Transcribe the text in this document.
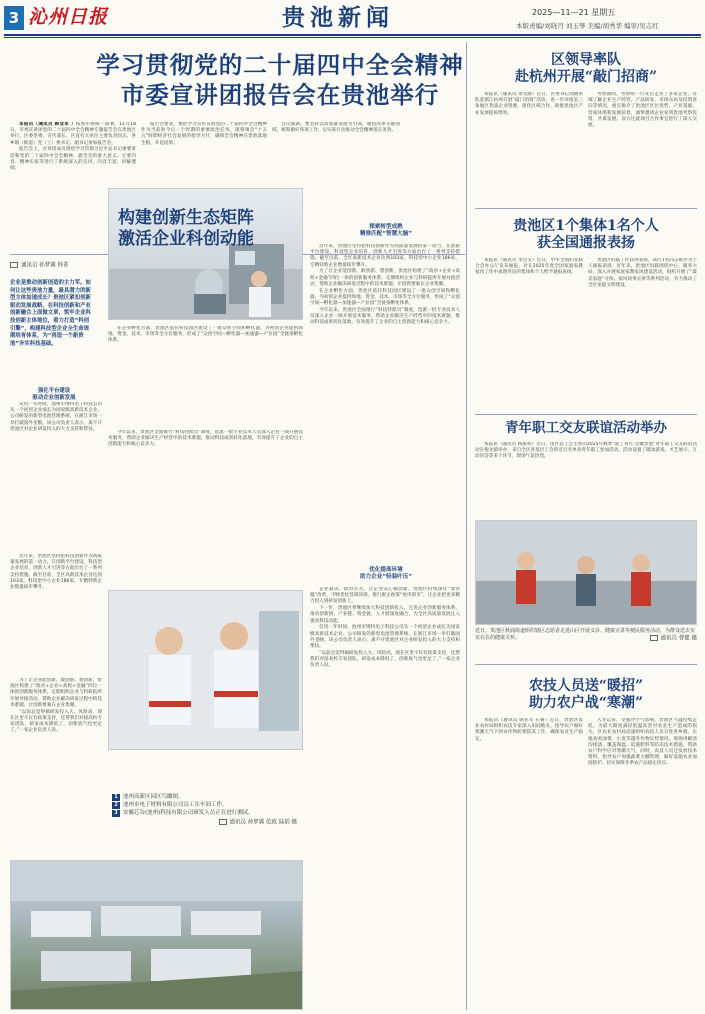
3 沁州日报	贵池新闻	2025—11—21 星期五
本版责编/刘晓丹 刘玉琴 美编/胡秀华 编审/吴志红
学习贯彻党的二十届四中全会精神
市委宣讲团报告会在贵池举行

本报讯（通讯员 韩亚军 ）按照市委统一部署，11月18日，市委宣讲团党的二十届四中全会精神专题报告会在贵池区举行，区委常委、宣传部长、区直有关单位主要负责同志，各乡镇（街道）党（工）委书记、副书记参加报告会。

报告会上，宣讲团成员围绕学习贯彻习近平总书记重要讲话和党的二十届四中全会精神，就全会的重大意义、主要内容、精神实质等进行了系统深入的宣讲，内容丰富，讲解透彻。

报告会要求，要把学习宣传贯彻党的二十届四中全会精神作为当前和今后一个时期的重要政治任务，深刻领会“十五五”时期经济社会发展的指导方针，确保全会精神在贵池落地生根、开花结果。

会议强调，要坚持以高质量发展为引领，聚焦改革关键领域，统筹做好各项工作，以实际行动推动全会精神落实见效。

通讯员 孙梦翼 韩菁
企业是推动创新创造的主力军。如何让这些贵池力量，最具潜力的新型主体加速成长？贵池区紧扣创新驱动发展战略，在科技创新和产业创新融合上面做文章，筑牢企业科技创新主体地位，着力打造“科创引擎”，构建科技型企业全生命周期培育体系，为“再造一个新贵池”夯实科技基础。
强化平台建设
驱动企业创新发展

仅用一年时间，池州市博特电子科技公司从一个初创企业成长为国家级高新技术企业。公司研发的新型电池管理系统，在浙江市场一举打破国外垄断。该公司负责人表示，离不开贵池区对企业研发投入的大力支持和帮扶。

近年来，贵池区坚持把科技创新作为高质量发展的第一动力，在创新平台建设、科技型企业培育、创新人才引进等方面出台了一系列支持措施。截至目前，全区高新技术企业达到103家，科技型中小企业186家，专精特新企业数量稳步攀升。

为了让企业能创新、敢创新、想创新，贵池区构建了“政府+企业+高校+金融”四位一体的创新服务体系，定期组织企业与科研院所开展对接活动，帮助企业解决研发过程中的技术难题，让创新要素在企业集聚。

“以前总觉得搞研发投入大、风险高，现在区里不仅有政策支持，还帮我们对接高校专家团队，研发成本降低了，创新底气也更足了。”一家企业负责人说。

构建创新生态矩阵
激活企业科创动能

在企业孵化方面，贵池区依托科技园区建设了一批众创空间和孵化器，为初创企业提供场地、资金、技术、市场等全方位服务，形成了“众创空间—孵化器—加速器—产业园”全链条孵化体系。

今年以来，贵池区全面推行“科技特派员”制度，选派一批专业技术人员深入企业一线开展技术服务，帮助企业解决生产经营中的技术难题，推动科技成果转化落地，有效提升了企业的自主创新能力和核心竞争力。

1 池州高新区园区鸟瞰图。
2 池州市电子材料有限公司员工在车间工作。
3 安徽芯谷(池州)科技有限公司研发人员正在进行测试。
通讯员 孙梦翼 范政 陆娟 摄
探索转型成熟
精准匹配“智慧大脑”

近年来，贵池区坚持把科技创新作为高质量发展的第一动力，在创新平台建设、科技型企业培育、创新人才引进等方面出台了一系列支持措施。截至目前，全区高新技术企业达到103家，科技型中小企业186家，专精特新企业数量稳步攀升。

为了让企业能创新、敢创新、想创新，贵池区构建了“政府+企业+高校+金融”四位一体的创新服务体系，定期组织企业与科研院所开展对接活动，帮助企业解决研发过程中的技术难题，让创新要素在企业集聚。

在企业孵化方面，贵池区依托科技园区建设了一批众创空间和孵化器，为初创企业提供场地、资金、技术、市场等全方位服务，形成了“众创空间—孵化器—加速器—产业园”全链条孵化体系。

今年以来，贵池区全面推行“科技特派员”制度，选派一批专业技术人员深入企业一线开展技术服务，帮助企业解决生产经营中的技术难题，推动科技成果转化落地，有效提升了企业的自主创新能力和核心竞争力。

优化提高环境
助力企业“轻装叶压”

企业减负、政府有为，让企业安心搞创新。贵池区持续深化“放管服”改革，不断优化营商环境，推行惠企政策“免申即享”，让企业把更多精力投入到研发创新上。

下一步，贵池区将继续加大科技创新投入，完善企业创新服务体系，推动创新链、产业链、资金链、人才链深度融合，为全区高质量发展注入强劲科技动能。

仅用一年时间，池州市博特电子科技公司从一个初创企业成长为国家级高新技术企业。公司研发的新型电池管理系统，在浙江市场一举打破国外垄断。该公司负责人表示，离不开贵池区对企业研发投入的大力支持和帮扶。

“以前总觉得搞研发投入大、风险高，现在区里不仅有政策支持，还帮我们对接高校专家团队，研发成本降低了，创新底气也更足了。”一家企业负责人说。

区领导率队
赴杭州开展“敲门招商”

本报讯（通讯员 余文静）近日，区委书记刘晓率队赴浙江杭州开展“敲门招商”活动，进一步对接长三角地区优质企业资源，深化区域合作，助推贵池区产业发展提质增效。

考察期间，考察组一行先后走访了多家企业，详细了解企业生产经营、产品研发、市场布局及投资意向等情况，重点推介了贵池区区位优势、产业基础、营商环境和发展前景，诚挚邀请企业家到贵池考察投资、共谋发展。双方还就项目合作事宜进行了深入交流。

贵池区1个集体1名个人
获全国通报表扬

本报讯（通讯员 李会文）近日，中华全国妇女联合会办公厅发布通报，对在2025年度全国家庭家教家风工作中表现突出的集体和个人给予通报表扬。

贵池区妇联工作获得表扬，该区1名同志被评为个人通报表扬。近年来，贵池区妇联围绕中心、服务大局，深入开展家庭家教家风建设活动，组织开展了“最美家庭”寻找、家风故事宣讲等系列活动，有力推动了全区家庭文明建设。

青年职工交友联谊活动举办

本报讯（通讯员 杨振祥）近日，由区总工会主办的2025年秋季“职工青年·会聚贵池”青年职工交友联谊活动在梅龙镇举办，来自全区各基层工会的近百名单身青年职工参加活动。活动设置了破冰游戏、才艺展示、互动问答等多个环节，现场气氛热烈。

近日，贵池区秋浦街道组织辖区志愿者走进山区开展义诊、健康宣讲等便民服务活动，为群众送去实实在在的健康关怀。	通讯员 曹健 摄
农技人员送“暖招”
助力农户战“寒潮”

本报讯（通讯员 韩亚军 石赛）近日，贵池区农业农村局组织农技专家深入田间地头，指导农户做好寒潮天气下的农作物防寒防冻工作，确保农业生产稳定。

入冬以来，受强冷空气影响，贵池区气温持续走低。为最大限度减轻低温冻害对农业生产造成的损失，区农业农村局迅速组织农技人员分赴各乡镇，实地查看油菜、小麦等越冬作物长势情况，现场讲解清沟排渍、覆盖保温、追施肥料等防冻技术措施，帮助农户科学应对寒潮天气。同时，农技人员还发放技术资料，指导农户加强蔬菜大棚管理，做好设施农业加固防护，切实保障冬季农产品稳定供应。
